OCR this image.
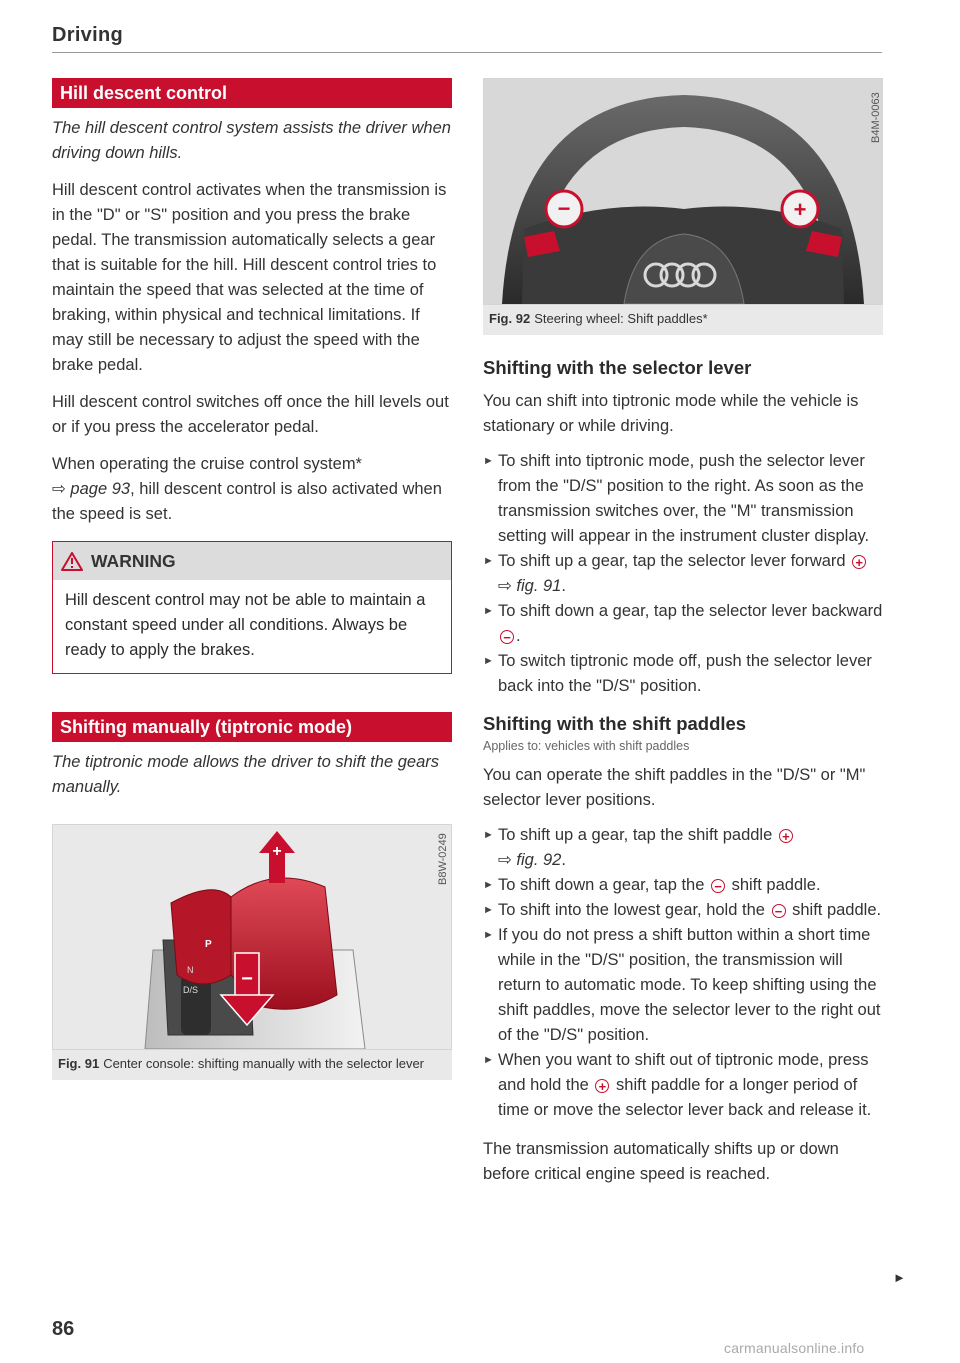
Driving
Hill descent control
The hill descent control system assists the driver when driving down hills.

Hill descent control activates when the transmission is in the "D" or "S" position and you press the brake pedal. The transmission automatically selects a gear that is suitable for the hill. Hill descent control tries to maintain the speed that was selected at the time of braking, within physical and technical limitations. If may still be necessary to adjust the speed with the brake pedal.

Hill descent control switches off once the hill levels out or if you press the accelerator pedal.

When operating the cruise control system*
⇨ page 93, hill descent control is also activated when the speed is set.

WARNING
Hill descent control may not be able to maintain a constant speed under all conditions. Always be ready to apply the brakes.
Shifting manually (tiptronic mode)
The tiptronic mode allows the driver to shift the gears manually.
+
−
P
N
D/S
B8W-0249
Fig. 91 Center console: shifting manually with the selector lever
−	+
B4M-0063
Fig. 92 Steering wheel: Shift paddles*
Shifting with the selector lever

You can shift into tiptronic mode while the vehicle is stationary or while driving.

► To shift into tiptronic mode, push the selector lever from the "D/S" position to the right. As soon as the transmission switches over, the "M" transmission setting will appear in the instrument cluster display.
► To shift up a gear, tap the selector lever forward + ⇨ fig. 91.
► To shift down a gear, tap the selector lever backward − .
► To switch tiptronic mode off, push the selector lever back into the "D/S" position.
Shifting with the shift paddles
Applies to: vehicles with shift paddles

You can operate the shift paddles in the "D/S" or "M" selector lever positions.

► To shift up a gear, tap the shift paddle +
⇨ fig. 92.
► To shift down a gear, tap the − shift paddle.
► To shift into the lowest gear, hold the − shift paddle.
► If you do not press a shift button within a short time while in the "D/S" position, the transmission will return to automatic mode. To keep shifting using the shift paddles, move the selector lever to the right out of the "D/S" position.
► When you want to shift out of tiptronic mode, press and hold the + shift paddle for a longer period of time or move the selector lever back and release it.

The transmission automatically shifts up or down before critical engine speed is reached.

►
86
carmanualsonline.info
